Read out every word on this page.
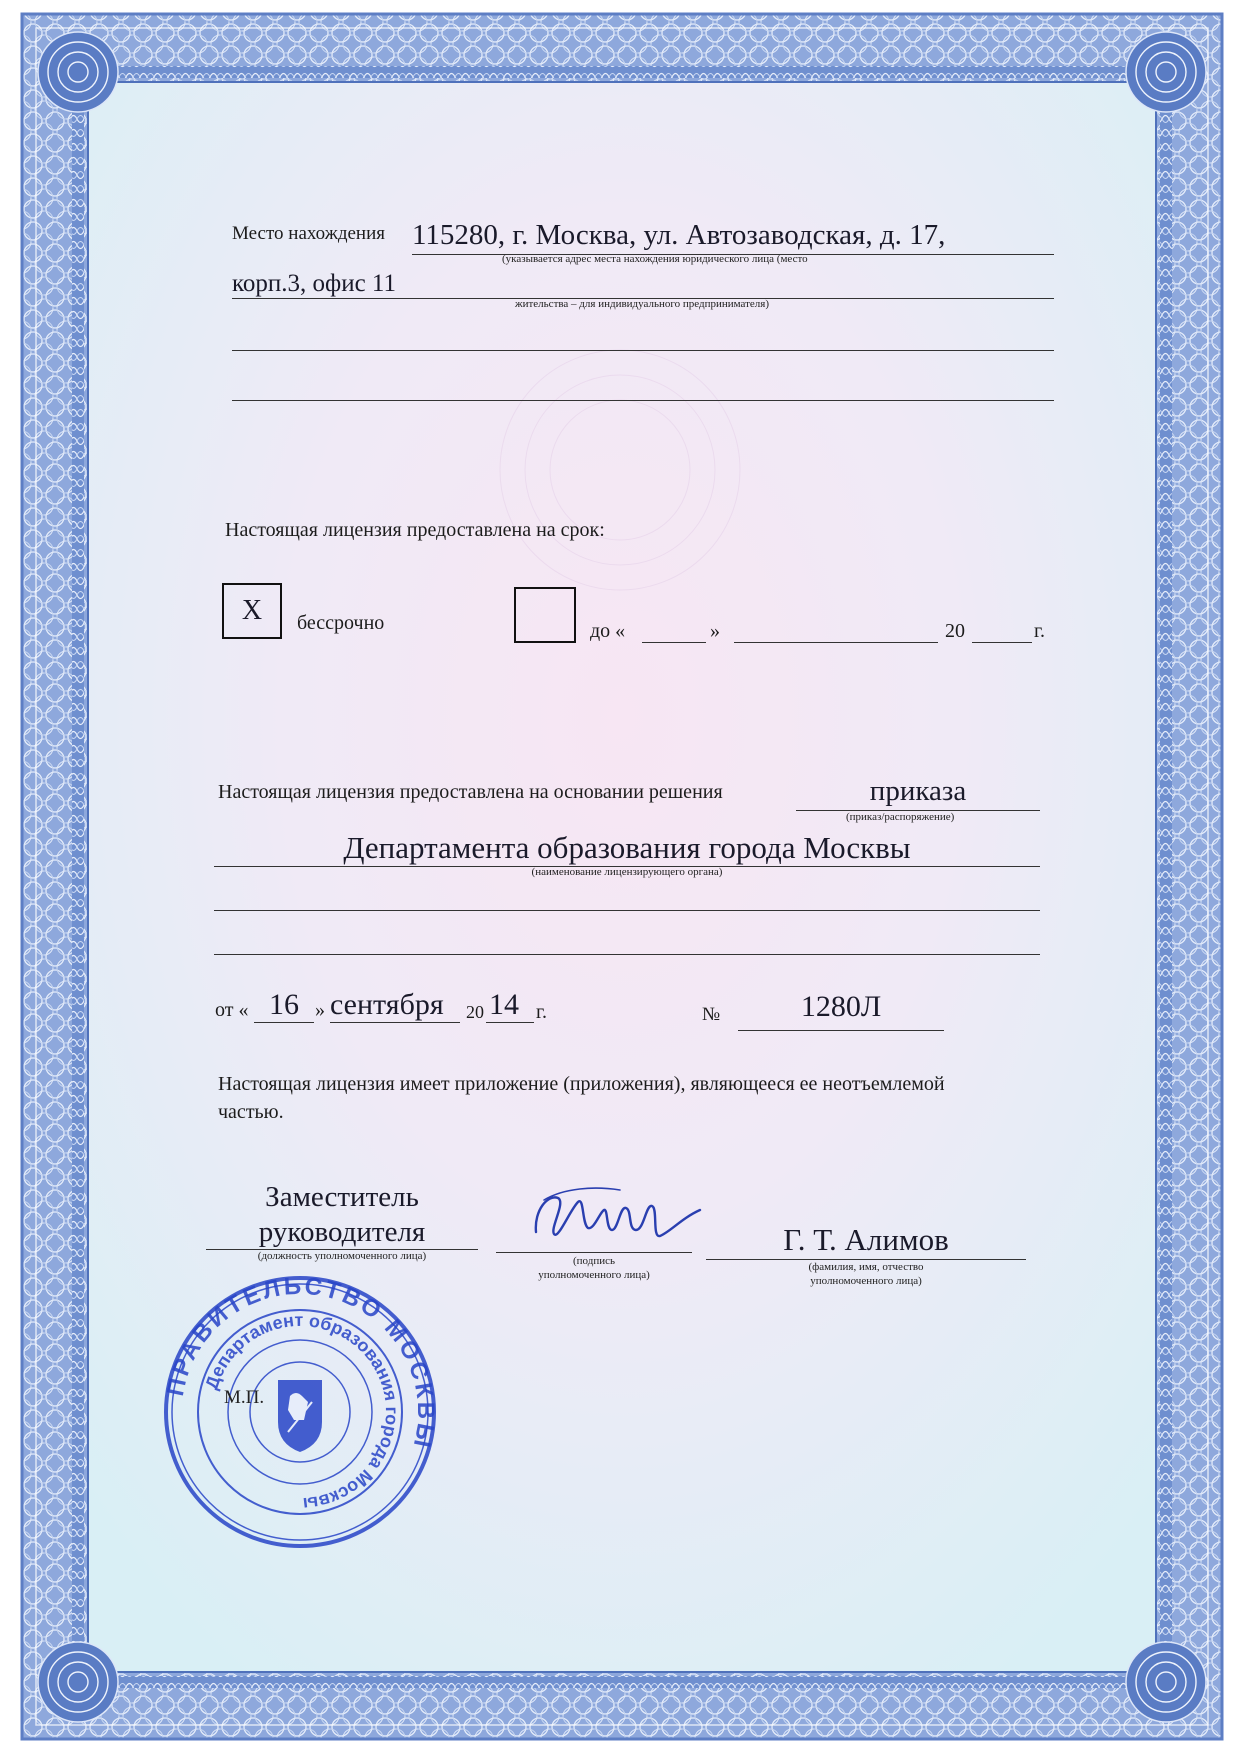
Место нахождения 115280, г. Москва, ул. Автозаводская, д. 17,
(указывается адрес места нахождения юридического лица (место
корп.3, офис 11
жительства – для индивидуального предпринимателя)
Настоящая лицензия предоставлена на срок:
Х	бессрочно	до «	»	20	г.
Настоящая лицензия предоставлена на основании решения	приказа
(приказ/распоряжение)
Департамента образования города Москвы
(наименование лицензирующего органа)
от « 16 » сентября 20 14 г.	№	1280Л
Настоящая лицензия имеет приложение (приложения), являющееся ее неотъемлемой
частью.
Заместитель
руководителя
(должность уполномоченного лица)	(подпись
уполномоченного лица)
Г. Т. Алимов
(фамилия, имя, отчество
уполномоченного лица)
ПРАВИТЕЛЬСТВО МОСКВЫ
Департамент образования города Москвы
М.П.
